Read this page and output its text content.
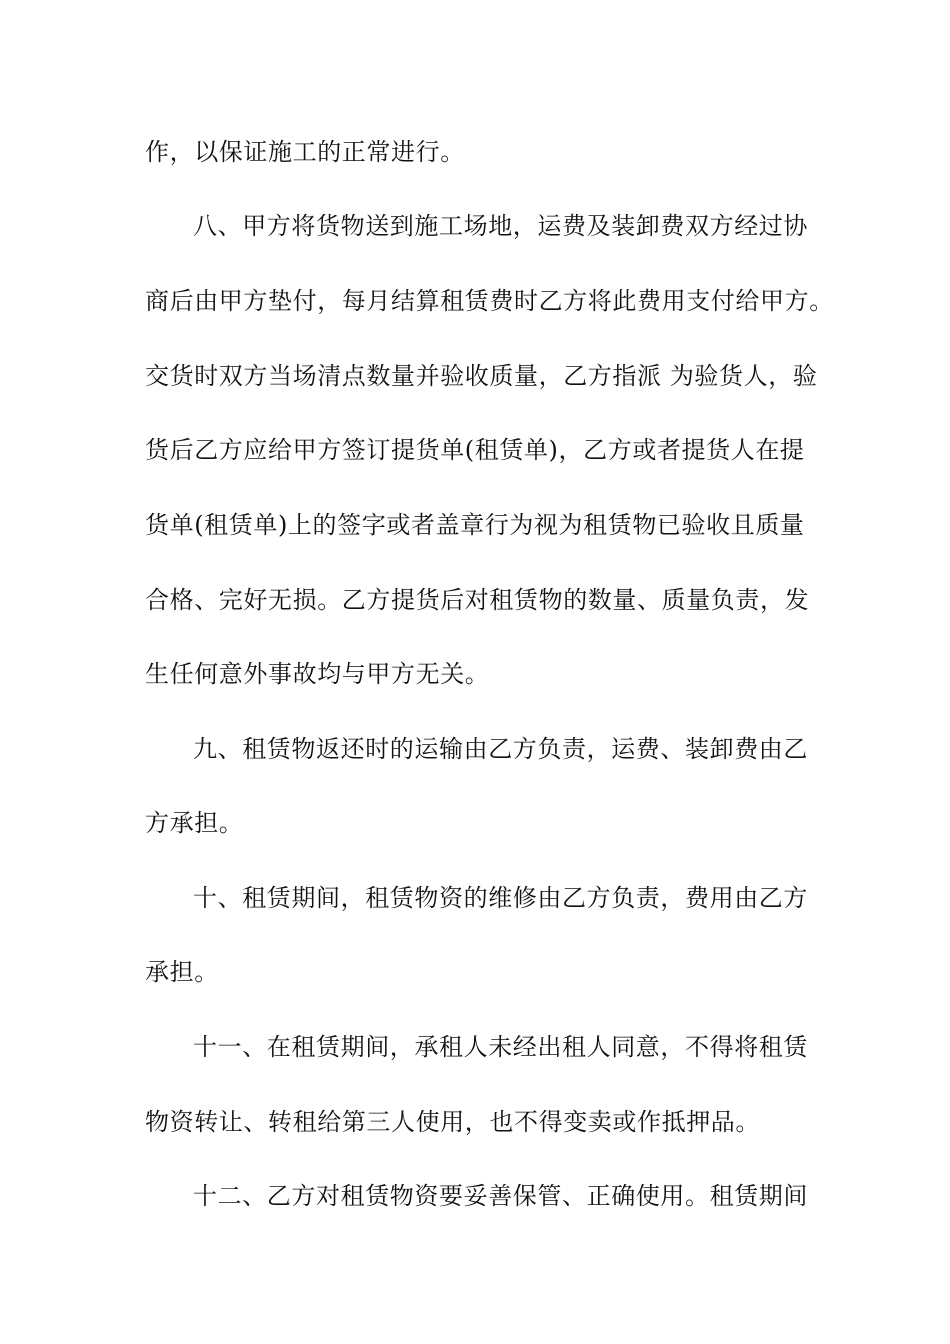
作，以保证施工的正常进行。
八、甲方将货物送到施工场地，运费及装卸费双方经过协
商后由甲方垫付，每月结算租赁费时乙方将此费用支付给甲方。
交货时双方当场清点数量并验收质量，乙方指派 为验货人，验
货后乙方应给甲方签订提货单(租赁单)，乙方或者提货人在提
货单(租赁单)上的签字或者盖章行为视为租赁物已验收且质量
合格、完好无损。乙方提货后对租赁物的数量、质量负责，发
生任何意外事故均与甲方无关。
九、租赁物返还时的运输由乙方负责，运费、装卸费由乙
方承担。
十、租赁期间，租赁物资的维修由乙方负责，费用由乙方
承担。
十一、在租赁期间，承租人未经出租人同意，不得将租赁
物资转让、转租给第三人使用，也不得变卖或作抵押品。
十二、乙方对租赁物资要妥善保管、正确使用。租赁期间
